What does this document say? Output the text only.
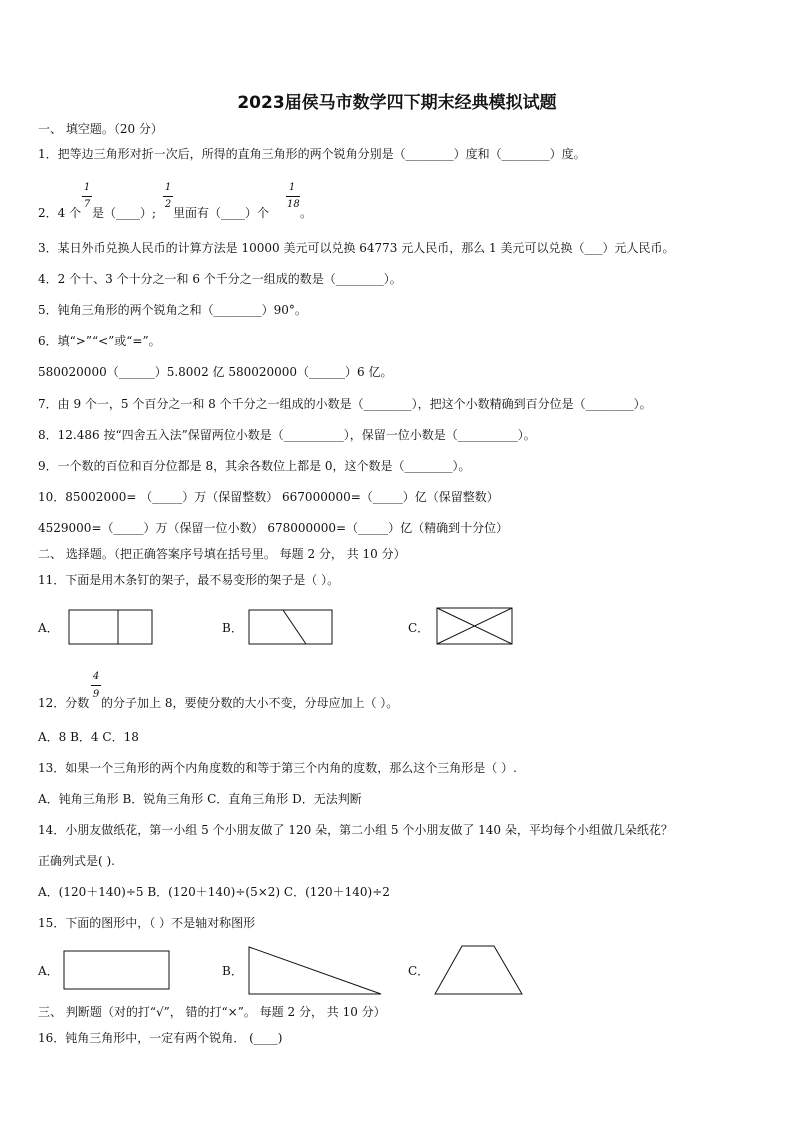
2023届侯马市数学四下期末经典模拟试题
一、 填空题。（20 分）
1．把等边三角形对折一次后，所得的直角三角形的两个锐角分别是（________）度和（________）度。
2．4 个
1
7
是（____）;
1
2
里面有（____）个
1
18
。
3．某日外币兑换人民币的计算方法是 10000 美元可以兑换 64773 元人民币，那么 1 美元可以兑换（___）元人民币。
4．2 个十、3 个十分之一和 6 个千分之一组成的数是（________）。
5．钝角三角形的两个锐角之和（________）90°。
6．填“>”“<”或“=”。
580020000（______）5.8002 亿 580020000（______）6 亿。
7．由 9 个一，5 个百分之一和 8 个千分之一组成的小数是（________），把这个小数精确到百分位是（________）。
8．12.486 按“四舍五入法”保留两位小数是（__________），保留一位小数是（__________）。
9．一个数的百位和百分位都是 8，其余各数位上都是 0，这个数是（________）。
10．85002000= （_____）万（保留整数） 667000000=（_____）亿（保留整数）
4529000=（_____）万（保留一位小数） 678000000=（_____）亿（精确到十分位）
二、 选择题。（把正确答案序号填在括号里。 每题 2 分， 共 10 分）
11．下面是用木条钉的架子，最不易变形的架子是（ ）。
A．	B．	C．
12．分数
4
9
的分子加上 8，要使分数的大小不变，分母应加上（ ）。
A．8 B．4 C．18
13．如果一个三角形的两个内角度数的和等于第三个内角的度数，那么这个三角形是（ ）.
A．钝角三角形 B．锐角三角形 C．直角三角形 D．无法判断
14．小朋友做纸花，第一小组 5 个小朋友做了 120 朵，第二小组 5 个小朋友做了 140 朵，平均每个小组做几朵纸花？
正确列式是( ).
A．(120＋140)÷5 B．(120＋140)÷(5×2) C．(120＋140)÷2
15．下面的图形中，（ ）不是轴对称图形
A．	B．	C．
三、 判断题（对的打“√”， 错的打“×”。 每题 2 分， 共 10 分）
16．钝角三角形中，一定有两个锐角． (____)
